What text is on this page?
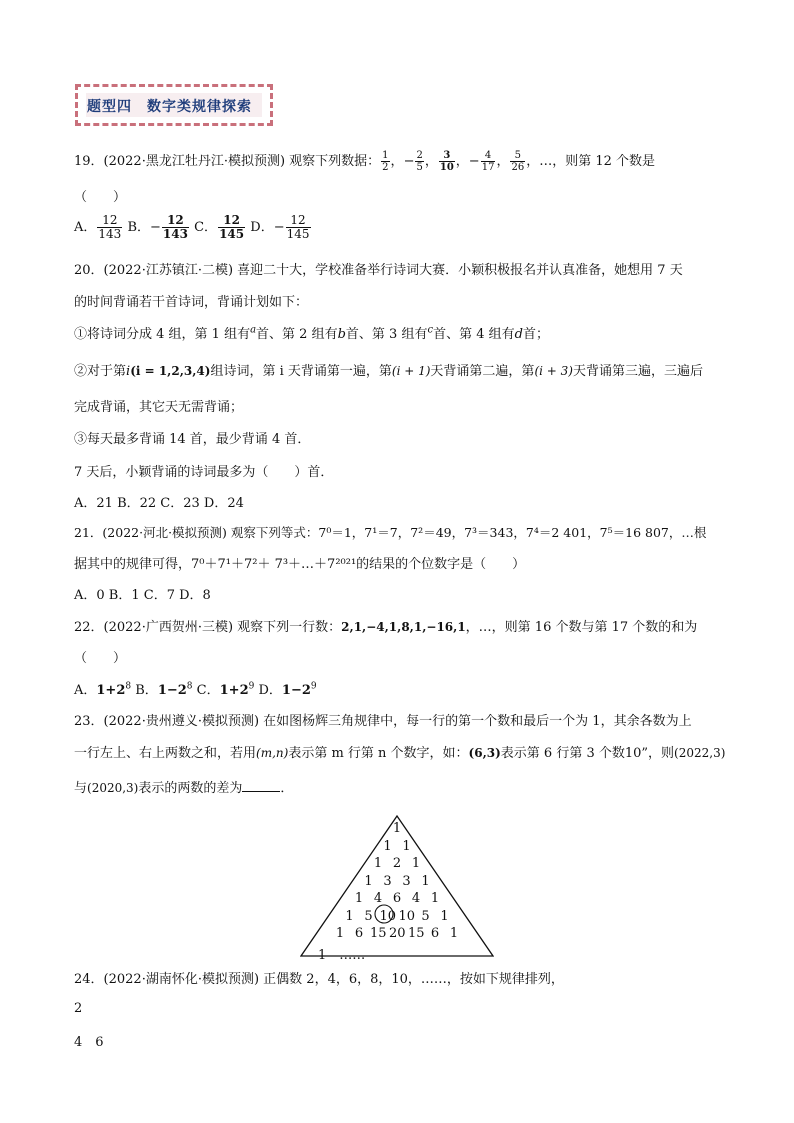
题型四　数字类规律探索
19．(2022·黑龙江牡丹江·模拟预测) 观察下列数据： $\frac{1}{2}$ ，− $\frac{2}{5}$ ， $\frac{3}{10}$ ，− $\frac{4}{17}$ ， $\frac{5}{26}$ ，…，则第 12 个数是
（　　）
A． $\frac{12}{143}$ B．− $\frac{12}{143}$ C． $\frac{12}{145}$ D．− $\frac{12}{145}$
20．(2022·江苏镇江·二模) 喜迎二十大，学校准备举行诗词大赛．小颖积极报名并认真准备，她想用 7 天
的时间背诵若干首诗词，背诵计划如下：
①将诗词分成 4 组，第 1 组有$^a$首、第 2 组有b首、第 3 组有$^c$首、第 4 组有d首；
②对于第i(i = 1,2,3,4)组诗词，第 i 天背诵第一遍，第(i + 1)天背诵第二遍，第(i + 3)天背诵第三遍，三遍后
完成背诵，其它天无需背诵；
③每天最多背诵 14 首，最少背诵 4 首．
7 天后，小颖背诵的诗词最多为（　　）首．
A．21 B．22 C．23 D．24
21．(2022·河北·模拟预测) 观察下列等式：7⁰＝1，7¹＝7，7²＝49，7³＝343，7⁴＝2 401，7⁵＝16 807，…根
据其中的规律可得，7⁰＋7¹＋7²＋ 7³＋…＋7²⁰²¹的结果的个位数字是（　　）
A．0 B．1 C．7 D．8
22．(2022·广西贺州·三模) 观察下列一行数：2,1,−4,1,8,1,−16,1，…，则第 16 个数与第 17 个数的和为
（　　）
A．$1+2^8$ B．$1-2^8$ C．$1+2^9$ D．$1-2^9$
23．(2022·贵州遵义·模拟预测) 在如图杨辉三角规律中，每一行的第一个数和最后一个为 1，其余各数为上
一行左上、右上两数之和，若用(m,n)表示第 m 行第 n 个数字，如：(6,3)表示第 6 行第 3 个数10”，则(2022,3)
与(2020,3)表示的两数的差为	．
1
1 1
1 2 1
1 3 3 1
1 4 6 4 1
1 5 10 10 5 1
1 6 15 20 15 6 1
1　……
24．(2022·湖南怀化·模拟预测) 正偶数 2，4，6，8，10，……，按如下规律排列，
2
4　6
